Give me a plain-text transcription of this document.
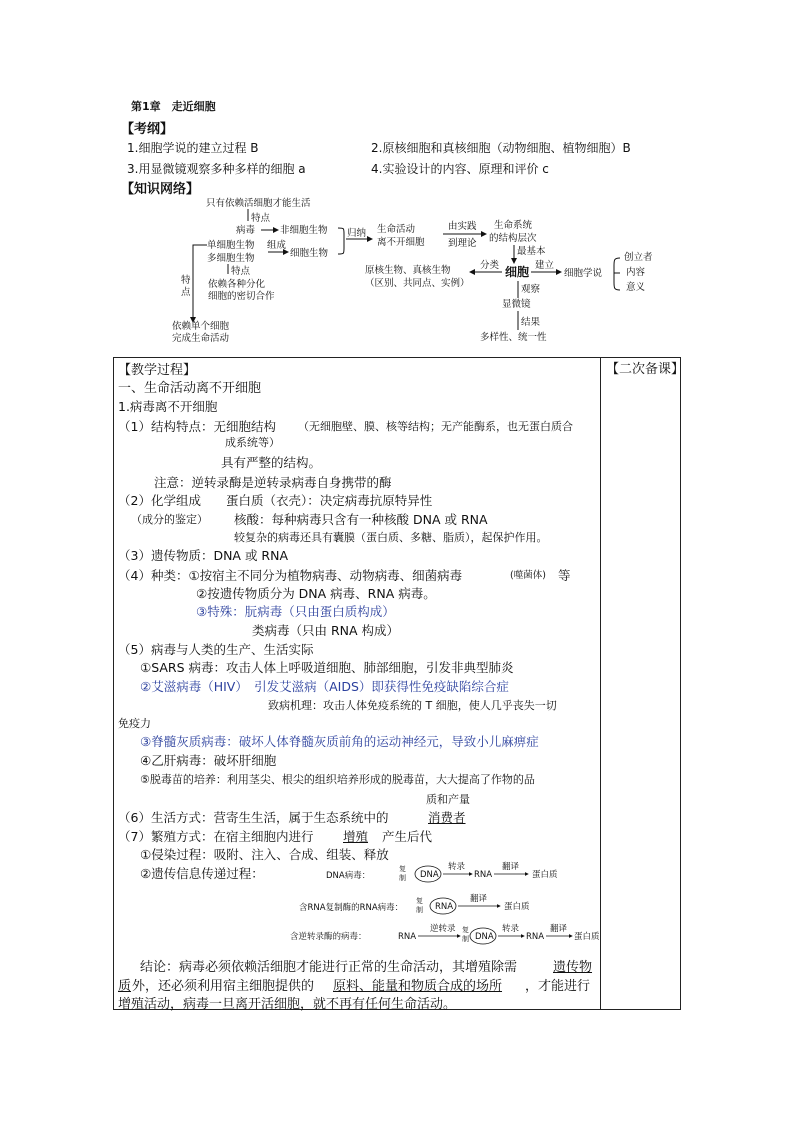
第1章　走近细胞
【考纲】
1.细胞学说的建立过程 B	2.原核细胞和真核细胞（动物细胞、植物细胞）B
3.用显微镜观察多种多样的细胞 a	4.实验设计的内容、原理和评价 c
【知识网络】
只有依赖活细胞才能生活
特点
病毒	非细胞生物
单细胞生物 组成
细胞生物
多细胞生物
特点
依赖各种分化
细胞的密切合作
特
点
依赖单个细胞
完成生命活动
归纳 生命活动
离不开细胞
由实践
到理论
生命系统
的结构层次
最基本
原核生物、真核生物
（区别、共同点、实例）
分类 细胞 建立
细胞学说
创立者
内容
意义
观察
显微镜
结果
多样性、统一性
【二次备课】
【教学过程】
一、生命活动离不开细胞
1.病毒离不开细胞
（1）结构特点：无细胞结构 （无细胞壁、膜、核等结构；无产能酶系，也无蛋白质合
成系统等）
具有严整的结构。
注意：逆转录酶是逆转录病毒自身携带的酶
（2）化学组成　　蛋白质（衣壳）：决定病毒抗原特异性
（成分的鉴定） 核酸：每种病毒只含有一种核酸 DNA 或 RNA
较复杂的病毒还具有囊膜（蛋白质、多糖、脂质），起保护作用。
（3）遗传物质：DNA 或 RNA
（4）种类：①按宿主不同分为植物病毒、动物病毒、细菌病毒	(噬菌体) 等
②按遗传物质分为 DNA 病毒、RNA 病毒。
③特殊：朊病毒（只由蛋白质构成）
类病毒（只由 RNA 构成）
（5）病毒与人类的生产、生活实际
①SARS 病毒：攻击人体上呼吸道细胞、肺部细胞，引发非典型肺炎
②艾滋病毒（HIV）　引发艾滋病（AIDS）即获得性免疫缺陷综合症
致病机理：攻击人体免疫系统的 T 细胞，使人几乎丧失一切
免疫力
③脊髓灰质病毒：破坏人体脊髓灰质前角的运动神经元，导致小儿麻痹症
④乙肝病毒：破坏肝细胞
⑤脱毒苗的培养：利用茎尖、根尖的组织培养形成的脱毒苗，大大提高了作物的品
质和产量
（6）生活方式：营寄生生活，属于生态系统中的	消费者
（7）繁殖方式：在宿主细胞内进行 增殖 产生后代
①侵染过程：吸附、注入、合成、组装、释放
②遗传信息传递过程：	DNA病毒：
复
制 DNA
转录
RNA
翻译
蛋白质
含RNA复制酶的RNA病毒：
复
制 RNA
翻译
蛋白质
含逆转录酶的病毒：	RNA
逆转录 复
制 DNA
转录
RNA
翻译
蛋白质
结论：病毒必须依赖活细胞才能进行正常的生命活动，其增殖除需	遗传物
质 外，还必须利用宿主细胞提供的 原料、能量和物质合成的场所 ，才能进行
增殖活动，病毒一旦离开活细胞，就不再有任何生命活动。
